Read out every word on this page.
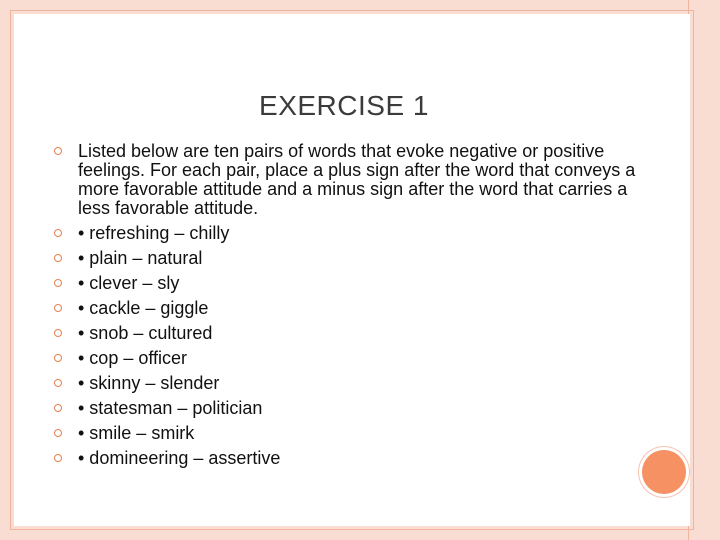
EXERCISE 1
Listed below are ten pairs of words that evoke negative or positive feelings. For each pair, place a plus sign after the word that conveys a more favorable attitude and a minus sign after the word that carries a less favorable attitude.
• refreshing – chilly
• plain – natural
• clever – sly
• cackle – giggle
• snob – cultured
• cop – officer
• skinny – slender
• statesman – politician
• smile – smirk
• domineering – assertive
